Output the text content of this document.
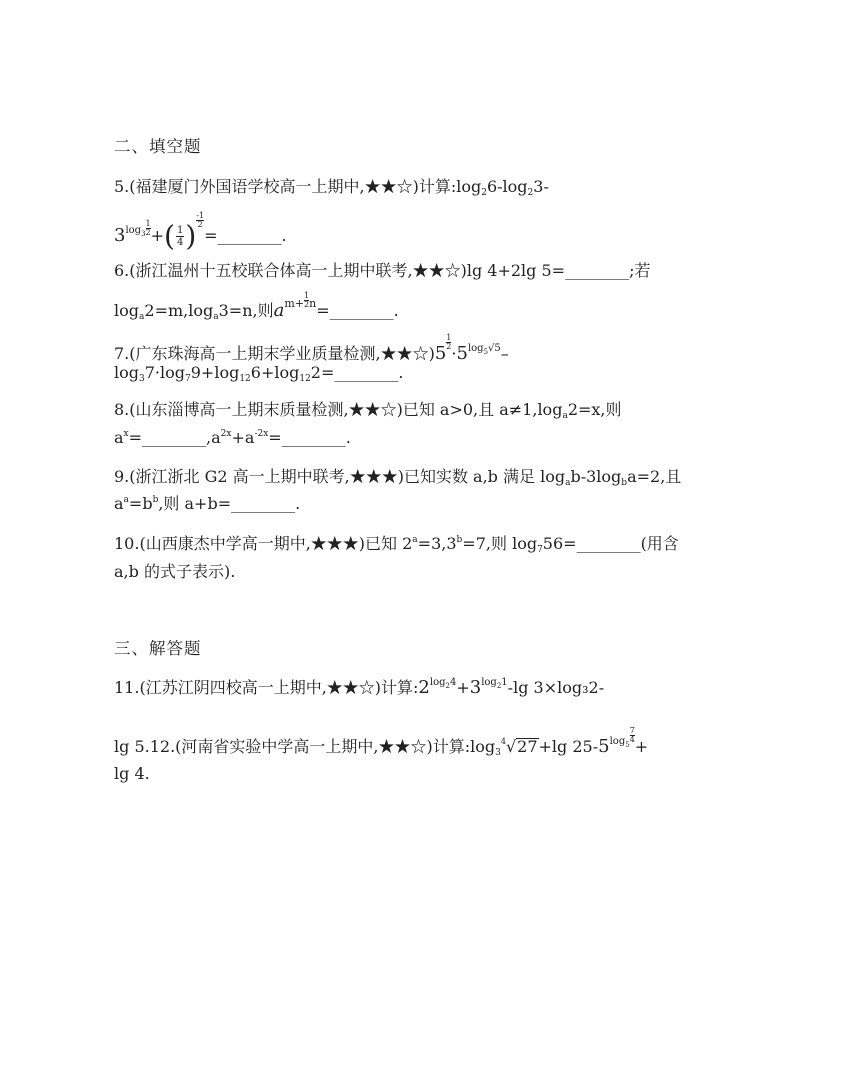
二、填空题
5.(福建厦门外国语学校高一上期中,★★☆)计算$:\log_26-\log_23-$
$3^{log_3} \frac{1}{2}$ +( $\frac{1}{4}$ ) $\frac{-1}{2}$
=________.
6.(浙江温州十五校联合体高一上期中联考,★★☆)lg 4+2lg 5=________;若
$\log_a2=m,\log_a3=n$,则$a^{m+ \frac{1}{2} n}=\_\_\_\_\_\_\_\_$.
7.(广东珠海高一上期末学业质量检测,★★☆)5
$\frac{1}{2}$
$\cdot 5^{log_5√5}-$
$\log_37\cdot\log_79+\log_{12}6+\log_{12}2=\_\_\_\_\_\_\_\_$.
8.(山东淄博高一上期末质量检测,★★☆)已知 a>0,且 $a\ne 1,\log_a2=x$,则
$a^x=\_\_\_\_\_\_\_\_,a^{2x}+a^{-2x}=\_\_\_\_\_\_\_\_$.
9.(浙江浙北 G2 高一上期中联考,★★★)已知实数 a,b 满足 $\log_ab-3\log_ba=2$,且
$a^a=b^b$,则 a+b=________.
10.(山西康杰中学高一期中,★★★)已知 $2^a=3,3^b=7$,则 $\log_756=\_\_\_\_\_\_\_\_$(用含
a,b 的式子表示).
三、解答题
11.(江苏江阴四校高一上期中,★★☆)计算$:2^{log_24}+3^{log_21}-\lg$ 3×log₃2-
lg 5.12.(河南省实验中学高一上期中,★★☆)计算$:\log_3^4√27+\lg$ $25-5^{log_5}$
$\frac{7}{4}$
+
lg 4.
